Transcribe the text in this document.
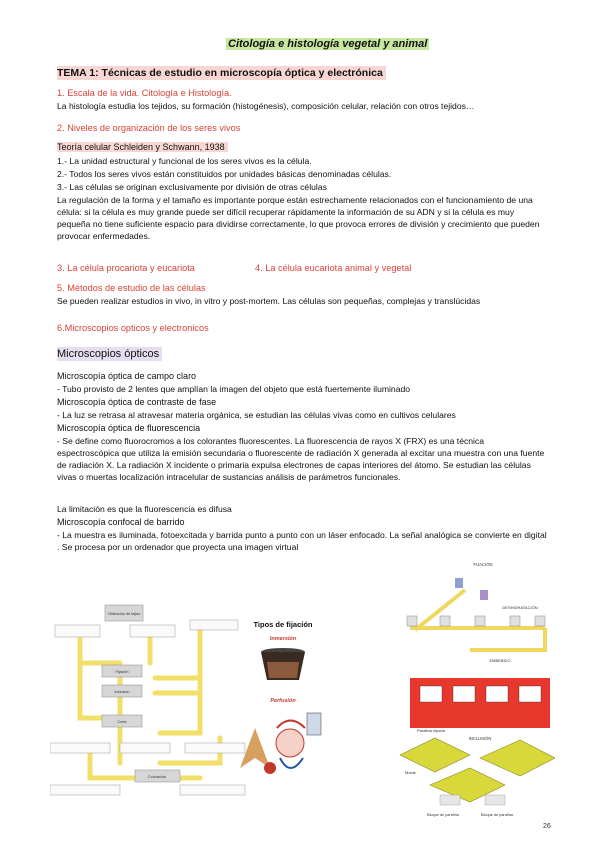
Citología e histología vegetal y animal
TEMA 1: Técnicas de estudio en microscopía óptica y electrónica
1. Escala de la vida. Citología e Histología.
La histología estudia los tejidos, su formación (histogénesis), composición celular, relación con otros tejidos…
2. Niveles de organización de los seres vivos
Teoría celular Schleiden y Schwann, 1938
1.- La unidad estructural y funcional de los seres vivos es la célula.
2.- Todos los seres vivos están constituidos por unidades básicas denominadas células.
3.- Las células se originan exclusivamente por división de otras células
La regulación de la forma y el tamaño es importante porque están estrechamente relacionados con el funcionamiento de una célula: si la célula es muy grande puede ser difícil recuperar rápidamente la información de su ADN y si la célula es muy pequeña no tiene suficiente espacio para dividirse correctamente, lo que provoca errores de división y crecimiento que pueden provocar enfermedades.
3. La célula procariota y eucariota	4. La célula eucariota animal y vegetal
5. Métodos de estudio de las células
Se pueden realizar estudios in vivo, in vitro y post-mortem. Las células son pequeñas, complejas y translúcidas
6.Microscopios opticos y electronicos
Microscopios ópticos
Microscopía óptica de campo claro
- Tubo provisto de 2 lentes que amplían la imagen del objeto que está fuertemente iluminado
Microscopía óptica de contraste de fase
- La luz se retrasa al atravesar materia orgánica, se estudian las células vivas como en cultivos celulares
Microscopía óptica de fluorescencia
- Se define como fluorocromos a los colorantes fluorescentes. La fluorescencia de rayos X (FRX) es una técnica espectroscópica que utiliza la emisión secundaria o fluorescente de radiación X generada al excitar una muestra con una fuente de radiación X. La radiación X incidente o primaria expulsa electrones de capas interiores del átomo. Se estudian las células vivas o muertas localización intracelular de sustancias análisis de parámetros funcionales.
La limitación es que la fluorescencia es difusa
Microscopía confocal de barrido
- La muestra es iluminada, fotoexcitada y barrida punto a punto con un láser enfocado. La señal analógica se convierte en digital . Se procesa por un ordenador que proyecta una imagen virtual
Obtención de tejido
Fijación
Inclusión
Corte
Coloración
Tipos de fijación
Inmersión
Perfusión
FIJACIÓN
DESHIDRATACIÓN
EMBEBIDO
Parafina líquida
INCLUSIÓN
Molde
Bloque de parafina	Bloque de parafina
26
